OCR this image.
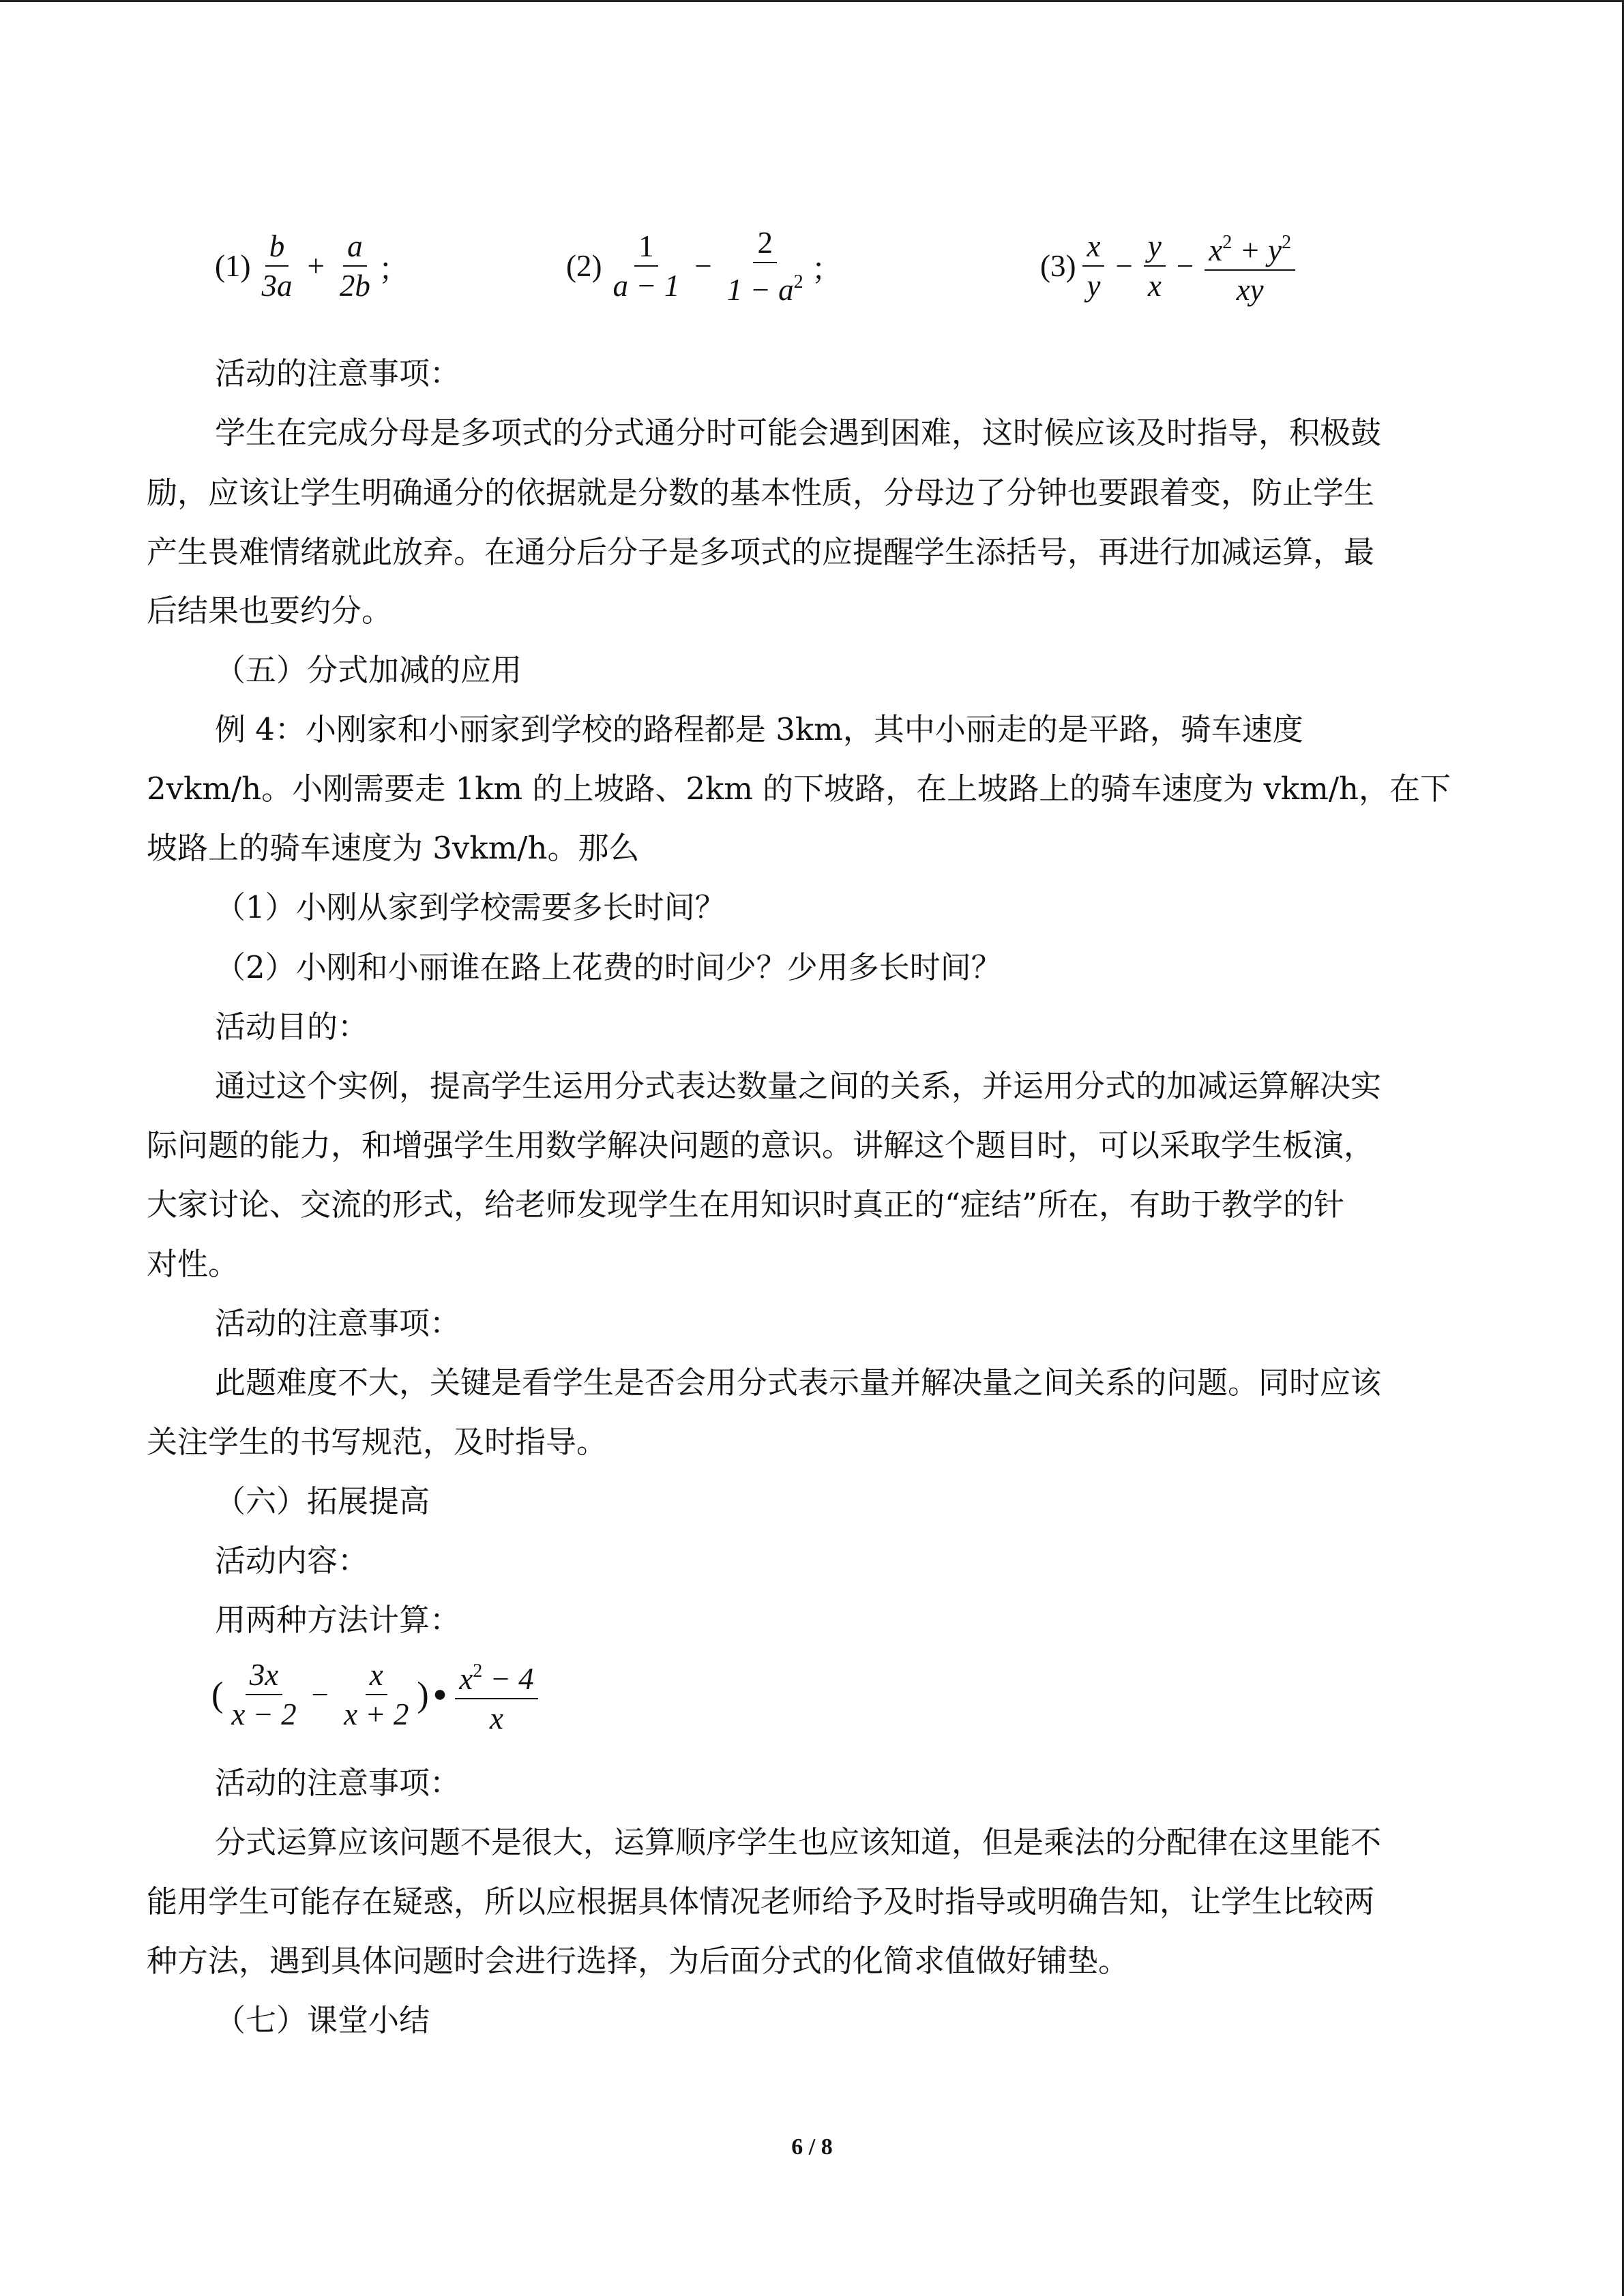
$(1) \frac{b}{3a} + \frac{a}{2b}$ ；	$(2) \frac{1}{a - 1} - \frac{2}{1 - a^2}$ ；	$(3) \frac{x}{y} - \frac{y}{x} - \frac{x^2 + y^2}{xy}$
活动的注意事项：
学生在完成分母是多项式的分式通分时可能会遇到困难，这时候应该及时指导，积极鼓
励，应该让学生明确通分的依据就是分数的基本性质，分母边了分钟也要跟着变，防止学生
产生畏难情绪就此放弃。在通分后分子是多项式的应提醒学生添括号，再进行加减运算，最
后结果也要约分。
（五）分式加减的应用
例 4：小刚家和小丽家到学校的路程都是 3km，其中小丽走的是平路，骑车速度
2vkm/h。小刚需要走 1km 的上坡路、2km 的下坡路，在上坡路上的骑车速度为 vkm/h，在下
坡路上的骑车速度为 3vkm/h。那么
（1）小刚从家到学校需要多长时间？
（2）小刚和小丽谁在路上花费的时间少？少用多长时间？
活动目的：
通过这个实例，提高学生运用分式表达数量之间的关系，并运用分式的加减运算解决实
际问题的能力，和增强学生用数学解决问题的意识。讲解这个题目时，可以采取学生板演，
大家讨论、交流的形式，给老师发现学生在用知识时真正的“症结”所在，有助于教学的针
对性。
活动的注意事项：
此题难度不大，关键是看学生是否会用分式表示量并解决量之间关系的问题。同时应该
关注学生的书写规范，及时指导。
（六）拓展提高
活动内容：
用两种方法计算：
( $\frac{3x}{x - 2} - \frac{x}{x + 2}$ ) ● $\frac{x^2 - 4}{x}$
活动的注意事项：
分式运算应该问题不是很大，运算顺序学生也应该知道，但是乘法的分配律在这里能不
能用学生可能存在疑惑，所以应根据具体情况老师给予及时指导或明确告知，让学生比较两
种方法，遇到具体问题时会进行选择，为后面分式的化简求值做好铺垫。
（七）课堂小结
6 / 8
